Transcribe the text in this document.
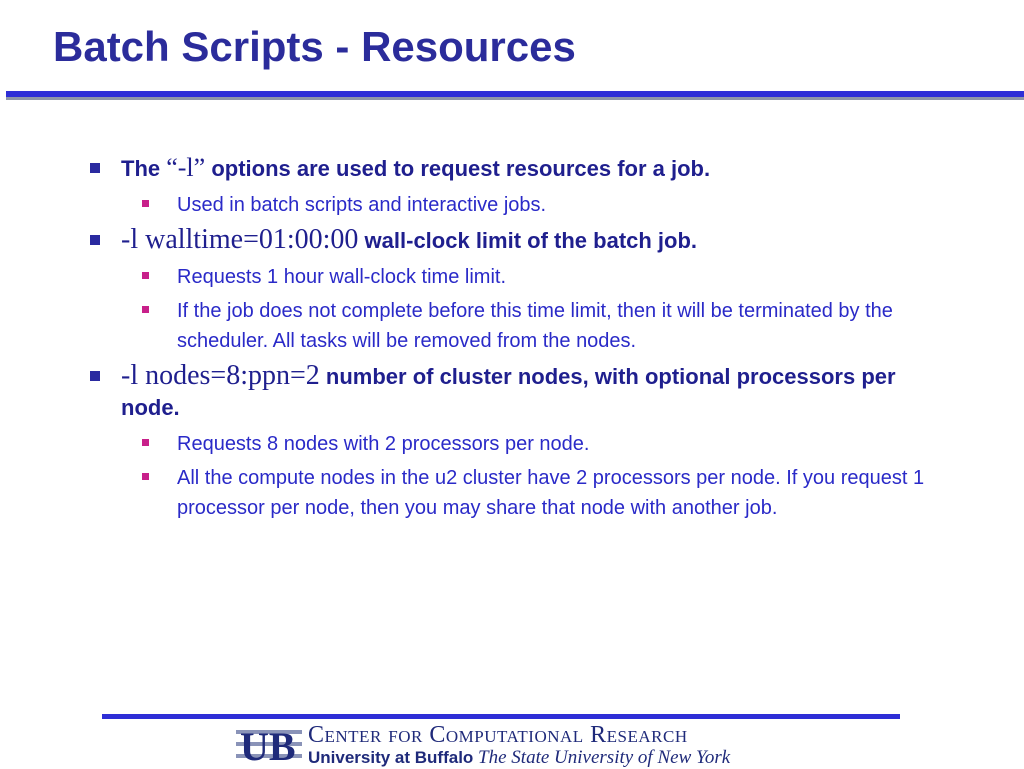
Batch Scripts - Resources
The “-l” options are used to request resources for a job.
Used in batch scripts and interactive jobs.
-l walltime=01:00:00 wall-clock limit of the batch job.
Requests 1 hour wall-clock time limit.
If the job does not complete before this time limit, then it will be terminated by the scheduler. All tasks will be removed from the nodes.
-l nodes=8:ppn=2 number of cluster nodes, with optional processors per node.
Requests 8 nodes with 2 processors per node.
All the compute nodes in the u2 cluster have 2 processors per node. If you request 1 processor per node, then you may share that node with another job.
UB Center for Computational Research
University at Buffalo The State University of New York
